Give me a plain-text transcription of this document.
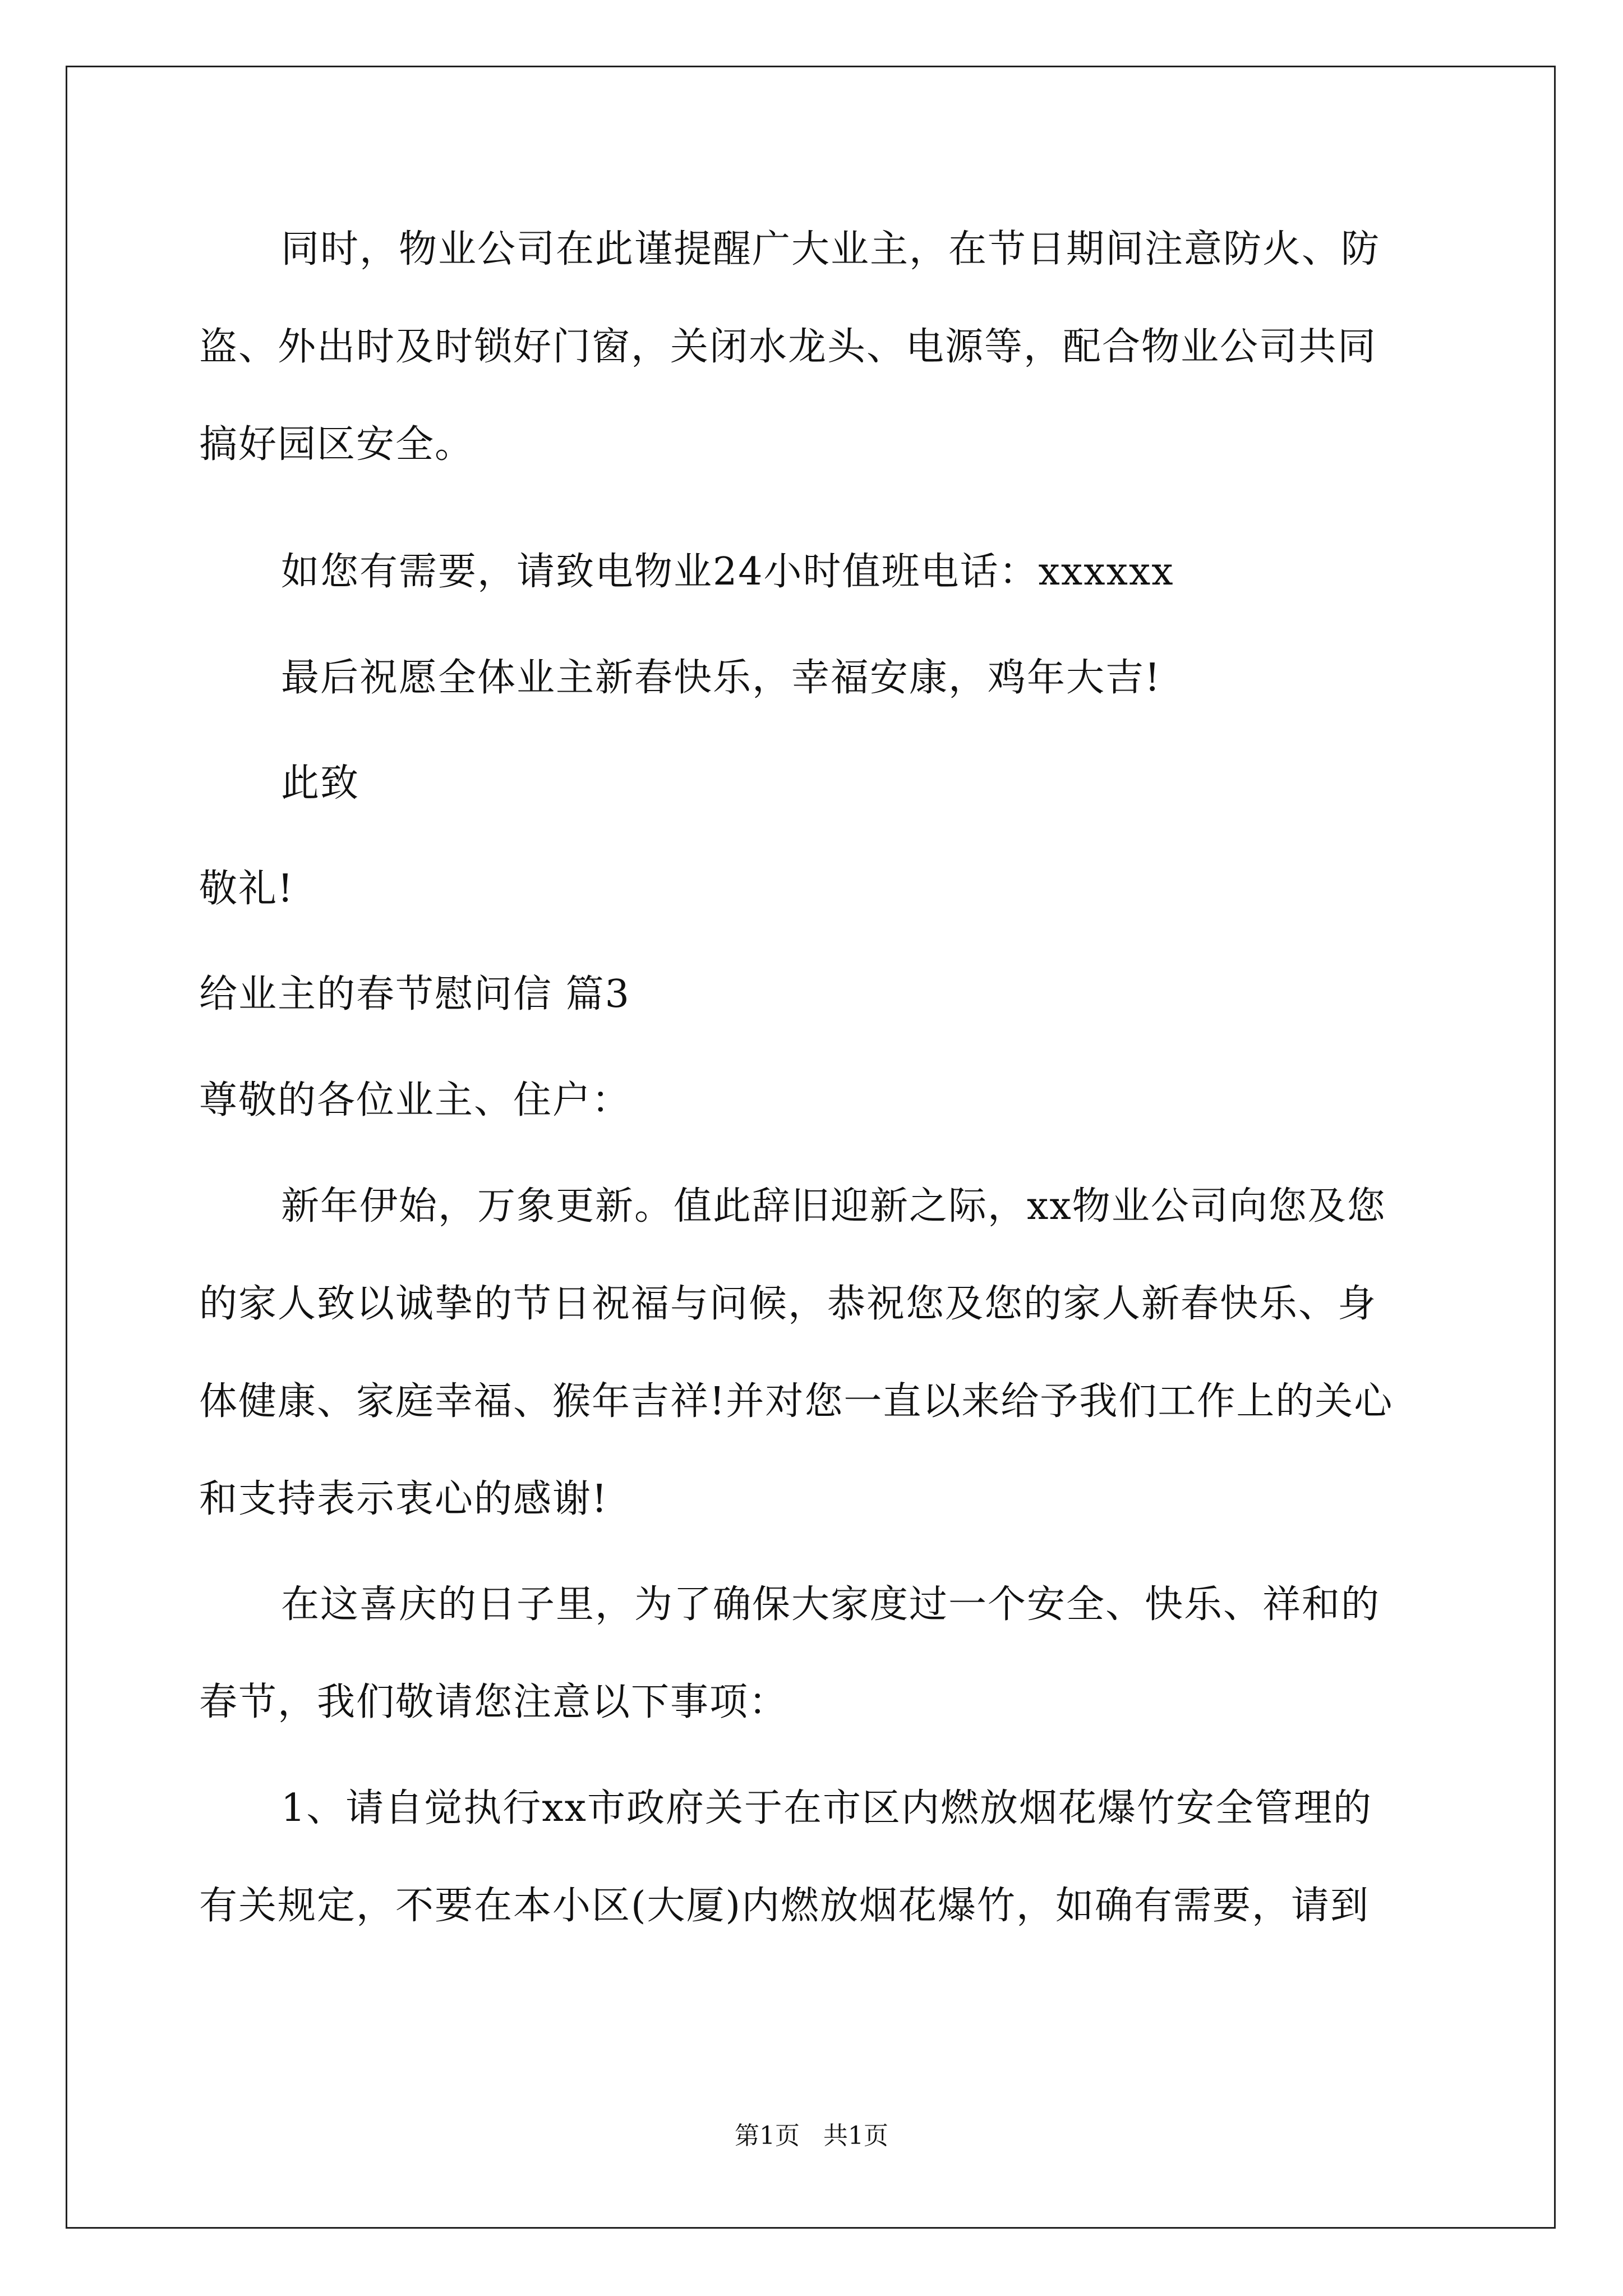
同时，物业公司在此谨提醒广大业主，在节日期间注意防火、防
盗、外出时及时锁好门窗，关闭水龙头、电源等，配合物业公司共同
搞好园区安全。
如您有需要，请致电物业24小时值班电话：xxxxxx
最后祝愿全体业主新春快乐，幸福安康，鸡年大吉!
此致
敬礼!
给业主的春节慰问信 篇3
尊敬的各位业主、住户：
新年伊始，万象更新。值此辞旧迎新之际，xx物业公司向您及您
的家人致以诚挚的节日祝福与问候，恭祝您及您的家人新春快乐、身
体健康、家庭幸福、猴年吉祥!并对您一直以来给予我们工作上的关心
和支持表示衷心的感谢!
在这喜庆的日子里，为了确保大家度过一个安全、快乐、祥和的
春节，我们敬请您注意以下事项：
1、请自觉执行xx市政府关于在市区内燃放烟花爆竹安全管理的
有关规定，不要在本小区(大厦)内燃放烟花爆竹，如确有需要，请到
第1页   共1页
